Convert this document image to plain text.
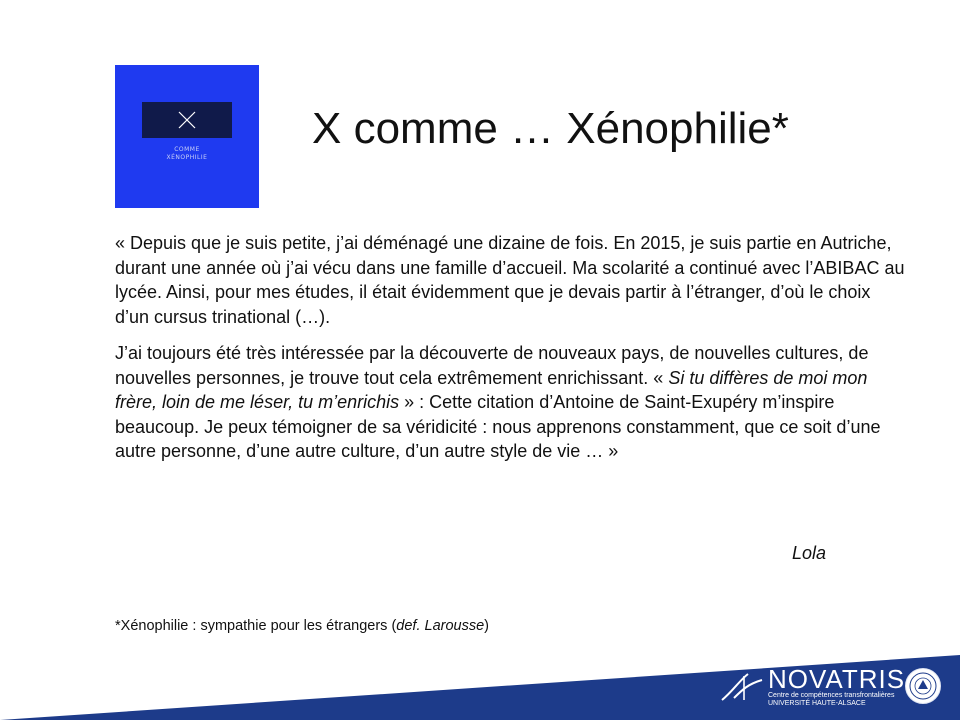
COMME
XÉNOPHILIE
X comme … Xénophilie*

« Depuis que je suis petite, j’ai déménagé une dizaine de fois. En 2015, je suis partie en Autriche, durant une année où j’ai vécu dans une famille d’accueil. Ma scolarité a continué avec l’ABIBAC au lycée. Ainsi, pour mes études, il était évidemment que je devais partir à l’étranger, d’où le choix d’un cursus trinational (…).

J’ai toujours été très intéressée par la découverte de nouveaux pays, de nouvelles cultures, de nouvelles personnes, je trouve tout cela extrêmement enrichissant. « Si tu diffères de moi mon frère, loin de me léser, tu m’enrichis » : Cette citation d’Antoine de Saint-Exupéry m’inspire beaucoup. Je peux témoigner de sa véridicité : nous apprenons constamment, que ce soit d’une autre personne, d’une autre culture, d’un autre style de vie … »

Lola
*Xénophilie : sympathie pour les étrangers (def. Larousse)
NOVATRIS
Centre de compétences transfrontalières
UNIVERSITÉ HAUTE-ALSACE
